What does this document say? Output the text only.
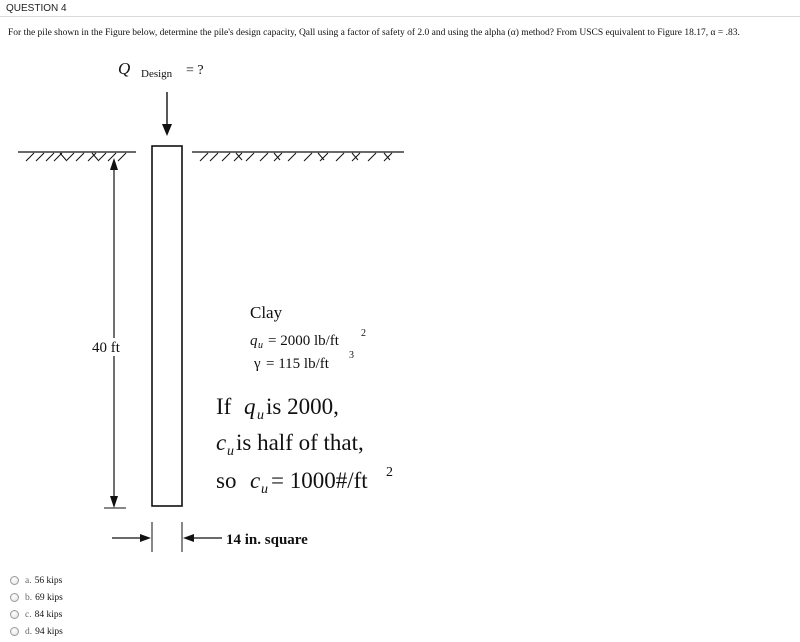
QUESTION 4
For the pile shown in the Figure below, determine the pile's design capacity, Qall using a factor of safety of 2.0 and using the alpha (α) method? From USCS equivalent to Figure 18.17, α = .83.
Q Design = ?
40 ft
Clay
q u = 2000 lb/ft 2
γ = 115 lb/ft
3
If q u is 2000,
c u is half of that,
so c u = 1000#/ft 2
14 in. square
a. 56 kips
b. 69 kips
c. 84 kips
d. 94 kips
